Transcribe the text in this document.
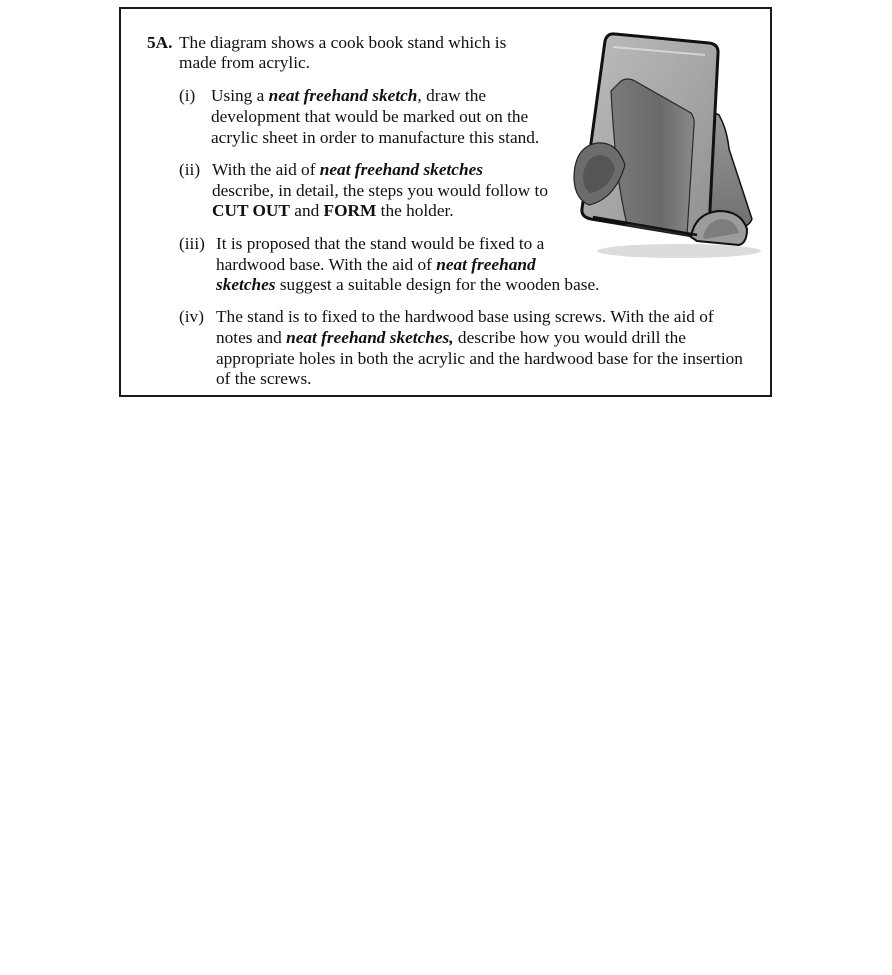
5A. The diagram shows a cook book stand which is
made from acrylic.
(i) Using a neat freehand sketch, draw the
development that would be marked out on the
acrylic sheet in order to manufacture this stand.
(ii) With the aid of neat freehand sketches
describe, in detail, the steps you would follow to
CUT OUT and FORM the holder.
(iii) It is proposed that the stand would be fixed to a
hardwood base. With the aid of neat freehand
sketches suggest a suitable design for the wooden base.
(iv) The stand is to fixed to the hardwood base using screws. With the aid of
notes and neat freehand sketches, describe how you would drill the
appropriate holes in both the acrylic and the hardwood base for the insertion
of the screws.
